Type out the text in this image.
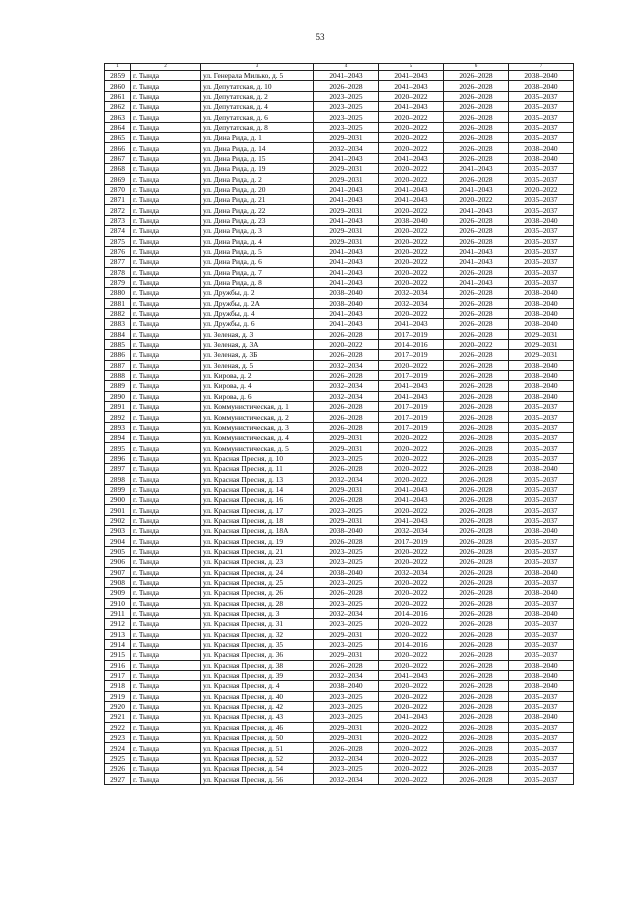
53
1	2	3	4	5	6	7
2859	г. Тында	ул. Генерала Милько, д. 5	2041–2043	2041–2043	2026–2028	2038–2040
2860	г. Тында	ул. Депутатская, д. 10	2026–2028	2041–2043	2026–2028	2038–2040
2861	г. Тында	ул. Депутатская, д. 2	2023–2025	2020–2022	2026–2028	2035–2037
2862	г. Тында	ул. Депутатская, д. 4	2023–2025	2041–2043	2026–2028	2035–2037
2863	г. Тында	ул. Депутатская, д. 6	2023–2025	2020–2022	2026–2028	2035–2037
2864	г. Тында	ул. Депутатская, д. 8	2023–2025	2020–2022	2026–2028	2035–2037
2865	г. Тында	ул. Дина Рида, д. 1	2029–2031	2020–2022	2026–2028	2035–2037
2866	г. Тында	ул. Дина Рида, д. 14	2032–2034	2020–2022	2026–2028	2038–2040
2867	г. Тында	ул. Дина Рида, д. 15	2041–2043	2041–2043	2026–2028	2038–2040
2868	г. Тында	ул. Дина Рида, д. 19	2029–2031	2020–2022	2041–2043	2035–2037
2869	г. Тында	ул. Дина Рида, д. 2	2029–2031	2020–2022	2026–2028	2035–2037
2870	г. Тында	ул. Дина Рида, д. 20	2041–2043	2041–2043	2041–2043	2020–2022
2871	г. Тында	ул. Дина Рида, д. 21	2041–2043	2041–2043	2020–2022	2035–2037
2872	г. Тында	ул. Дина Рида, д. 22	2029–2031	2020–2022	2041–2043	2035–2037
2873	г. Тында	ул. Дина Рида, д. 23	2041–2043	2038–2040	2026–2028	2038–2040
2874	г. Тында	ул. Дина Рида, д. 3	2029–2031	2020–2022	2026–2028	2035–2037
2875	г. Тында	ул. Дина Рида, д. 4	2029–2031	2020–2022	2026–2028	2035–2037
2876	г. Тында	ул. Дина Рида, д. 5	2041–2043	2020–2022	2041–2043	2035–2037
2877	г. Тында	ул. Дина Рида, д. 6	2041–2043	2020–2022	2041–2043	2035–2037
2878	г. Тында	ул. Дина Рида, д. 7	2041–2043	2020–2022	2026–2028	2035–2037
2879	г. Тында	ул. Дина Рида, д. 8	2041–2043	2020–2022	2041–2043	2035–2037
2880	г. Тында	ул. Дружбы, д. 2	2038–2040	2032–2034	2026–2028	2038–2040
2881	г. Тында	ул. Дружбы, д. 2А	2038–2040	2032–2034	2026–2028	2038–2040
2882	г. Тында	ул. Дружбы, д. 4	2041–2043	2020–2022	2026–2028	2038–2040
2883	г. Тында	ул. Дружбы, д. 6	2041–2043	2041–2043	2026–2028	2038–2040
2884	г. Тында	ул. Зеленая, д. 3	2026–2028	2017–2019	2026–2028	2029–2031
2885	г. Тында	ул. Зеленая, д. 3А	2020–2022	2014–2016	2020–2022	2029–2031
2886	г. Тында	ул. Зеленая, д. 3Б	2026–2028	2017–2019	2026–2028	2029–2031
2887	г. Тында	ул. Зеленая, д. 5	2032–2034	2020–2022	2026–2028	2038–2040
2888	г. Тында	ул. Кирова, д. 2	2026–2028	2017–2019	2026–2028	2038–2040
2889	г. Тында	ул. Кирова, д. 4	2032–2034	2041–2043	2026–2028	2038–2040
2890	г. Тында	ул. Кирова, д. 6	2032–2034	2041–2043	2026–2028	2038–2040
2891	г. Тында	ул. Коммунистическая, д. 1	2026–2028	2017–2019	2026–2028	2035–2037
2892	г. Тында	ул. Коммунистическая, д. 2	2026–2028	2017–2019	2026–2028	2035–2037
2893	г. Тында	ул. Коммунистическая, д. 3	2026–2028	2017–2019	2026–2028	2035–2037
2894	г. Тында	ул. Коммунистическая, д. 4	2029–2031	2020–2022	2026–2028	2035–2037
2895	г. Тында	ул. Коммунистическая, д. 5	2029–2031	2020–2022	2026–2028	2035–2037
2896	г. Тында	ул. Красная Пресня, д. 10	2023–2025	2020–2022	2026–2028	2035–2037
2897	г. Тында	ул. Красная Пресня, д. 11	2026–2028	2020–2022	2026–2028	2038–2040
2898	г. Тында	ул. Красная Пресня, д. 13	2032–2034	2020–2022	2026–2028	2035–2037
2899	г. Тында	ул. Красная Пресня, д. 14	2029–2031	2041–2043	2026–2028	2035–2037
2900	г. Тында	ул. Красная Пресня, д. 16	2026–2028	2041–2043	2026–2028	2035–2037
2901	г. Тында	ул. Красная Пресня, д. 17	2023–2025	2020–2022	2026–2028	2035–2037
2902	г. Тында	ул. Красная Пресня, д. 18	2029–2031	2041–2043	2026–2028	2035–2037
2903	г. Тында	ул. Красная Пресня, д. 18А	2038–2040	2032–2034	2026–2028	2038–2040
2904	г. Тында	ул. Красная Пресня, д. 19	2026–2028	2017–2019	2026–2028	2035–2037
2905	г. Тында	ул. Красная Пресня, д. 21	2023–2025	2020–2022	2026–2028	2035–2037
2906	г. Тында	ул. Красная Пресня, д. 23	2023–2025	2020–2022	2026–2028	2035–2037
2907	г. Тында	ул. Красная Пресня, д. 24	2038–2040	2032–2034	2026–2028	2038–2040
2908	г. Тында	ул. Красная Пресня, д. 25	2023–2025	2020–2022	2026–2028	2035–2037
2909	г. Тында	ул. Красная Пресня, д. 26	2026–2028	2020–2022	2026–2028	2038–2040
2910	г. Тында	ул. Красная Пресня, д. 28	2023–2025	2020–2022	2026–2028	2035–2037
2911	г. Тында	ул. Красная Пресня, д. 3	2032–2034	2014–2016	2026–2028	2038–2040
2912	г. Тында	ул. Красная Пресня, д. 31	2023–2025	2020–2022	2026–2028	2035–2037
2913	г. Тында	ул. Красная Пресня, д. 32	2029–2031	2020–2022	2026–2028	2035–2037
2914	г. Тында	ул. Красная Пресня, д. 35	2023–2025	2014–2016	2026–2028	2035–2037
2915	г. Тында	ул. Красная Пресня, д. 36	2029–2031	2020–2022	2026–2028	2035–2037
2916	г. Тында	ул. Красная Пресня, д. 38	2026–2028	2020–2022	2026–2028	2038–2040
2917	г. Тында	ул. Красная Пресня, д. 39	2032–2034	2041–2043	2026–2028	2038–2040
2918	г. Тында	ул. Красная Пресня, д. 4	2038–2040	2020–2022	2026–2028	2038–2040
2919	г. Тында	ул. Красная Пресня, д. 40	2023–2025	2020–2022	2026–2028	2035–2037
2920	г. Тында	ул. Красная Пресня, д. 42	2023–2025	2020–2022	2026–2028	2035–2037
2921	г. Тында	ул. Красная Пресня, д. 43	2023–2025	2041–2043	2026–2028	2038–2040
2922	г. Тында	ул. Красная Пресня, д. 46	2029–2031	2020–2022	2026–2028	2035–2037
2923	г. Тында	ул. Красная Пресня, д. 50	2029–2031	2020–2022	2026–2028	2035–2037
2924	г. Тында	ул. Красная Пресня, д. 51	2026–2028	2020–2022	2026–2028	2035–2037
2925	г. Тында	ул. Красная Пресня, д. 52	2032–2034	2020–2022	2026–2028	2035–2037
2926	г. Тында	ул. Красная Пресня, д. 54	2023–2025	2020–2022	2026–2028	2035–2037
2927	г. Тында	ул. Красная Пресня, д. 56	2032–2034	2020–2022	2026–2028	2035–2037
